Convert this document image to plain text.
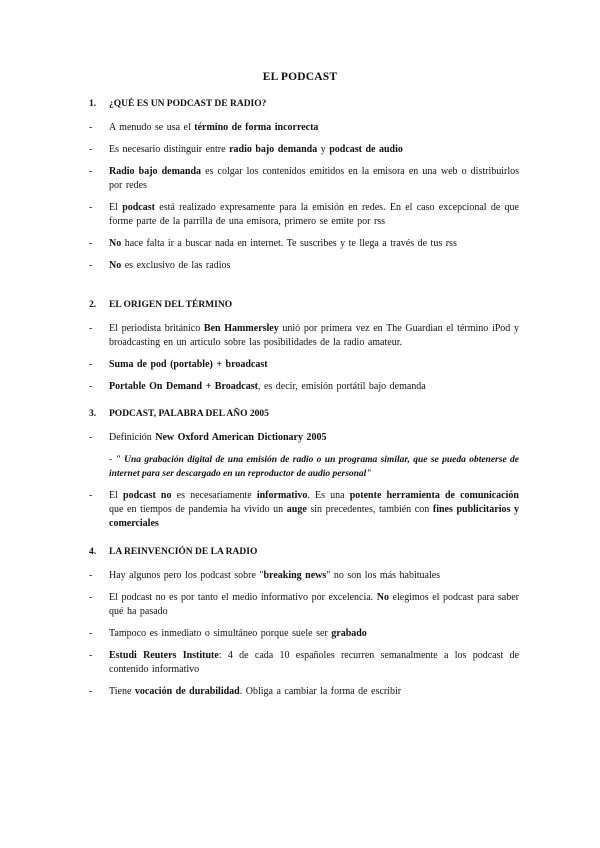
EL PODCAST
1.	¿QUÉ ES UN PODCAST DE RADIO?
-	A menudo se usa el término de forma incorrecta
-	Es necesario distinguir entre radio bajo demanda y podcast de audio
-	Radio bajo demanda es colgar los contenidos emitidos en la emisora en una web o distribuirlos por redes
-	El podcast está realizado expresamente para la emisión en redes. En el caso excepcional de que forme parte de la parrilla de una emisora, primero se emite por rss
-	No hace falta ir a buscar nada en internet. Te suscribes y te llega a través de tus rss
-	No es exclusivo de las radios
2.	EL ORIGEN DEL TÉRMINO
-	El periodista británico Ben Hammersley unió por primera vez en The Guardian el término iPod y broadcasting en un artículo sobre las posibilidades de la radio amateur.
-	Suma de pod (portable) + broadcast
-	Portable On Demand + Broadcast, es decir, emisión portátil bajo demanda
3.	PODCAST, PALABRA DEL AÑO 2005
-	Definición New Oxford American Dictionary 2005
- " Una grabación digital de una emisión de radio o un programa similar, que se pueda obtenerse de internet para ser descargado en un reproductor de audio personal"
-	El podcast no es necesariamente informativo. Es una potente herramienta de comunicación que en tiempos de pandemia ha vivido un auge sin precedentes, también con fines publicitarios y comerciales
4.	LA REINVENCIÓN DE LA RADIO
-	Hay algunos pero los podcast sobre "breaking news" no son los más habituales
-	El podcast no es por tanto el medio informativo por excelencia. No elegimos el podcast para saber qué ha pasado
-	Tampoco es inmediato o simultáneo porque suele ser grabado
-	Estudi Reuters Institute: 4 de cada 10 españoles recurren semanalmente a los podcast de contenido informativo
-	Tiene vocación de durabilidad. Obliga a cambiar la forma de escribir
